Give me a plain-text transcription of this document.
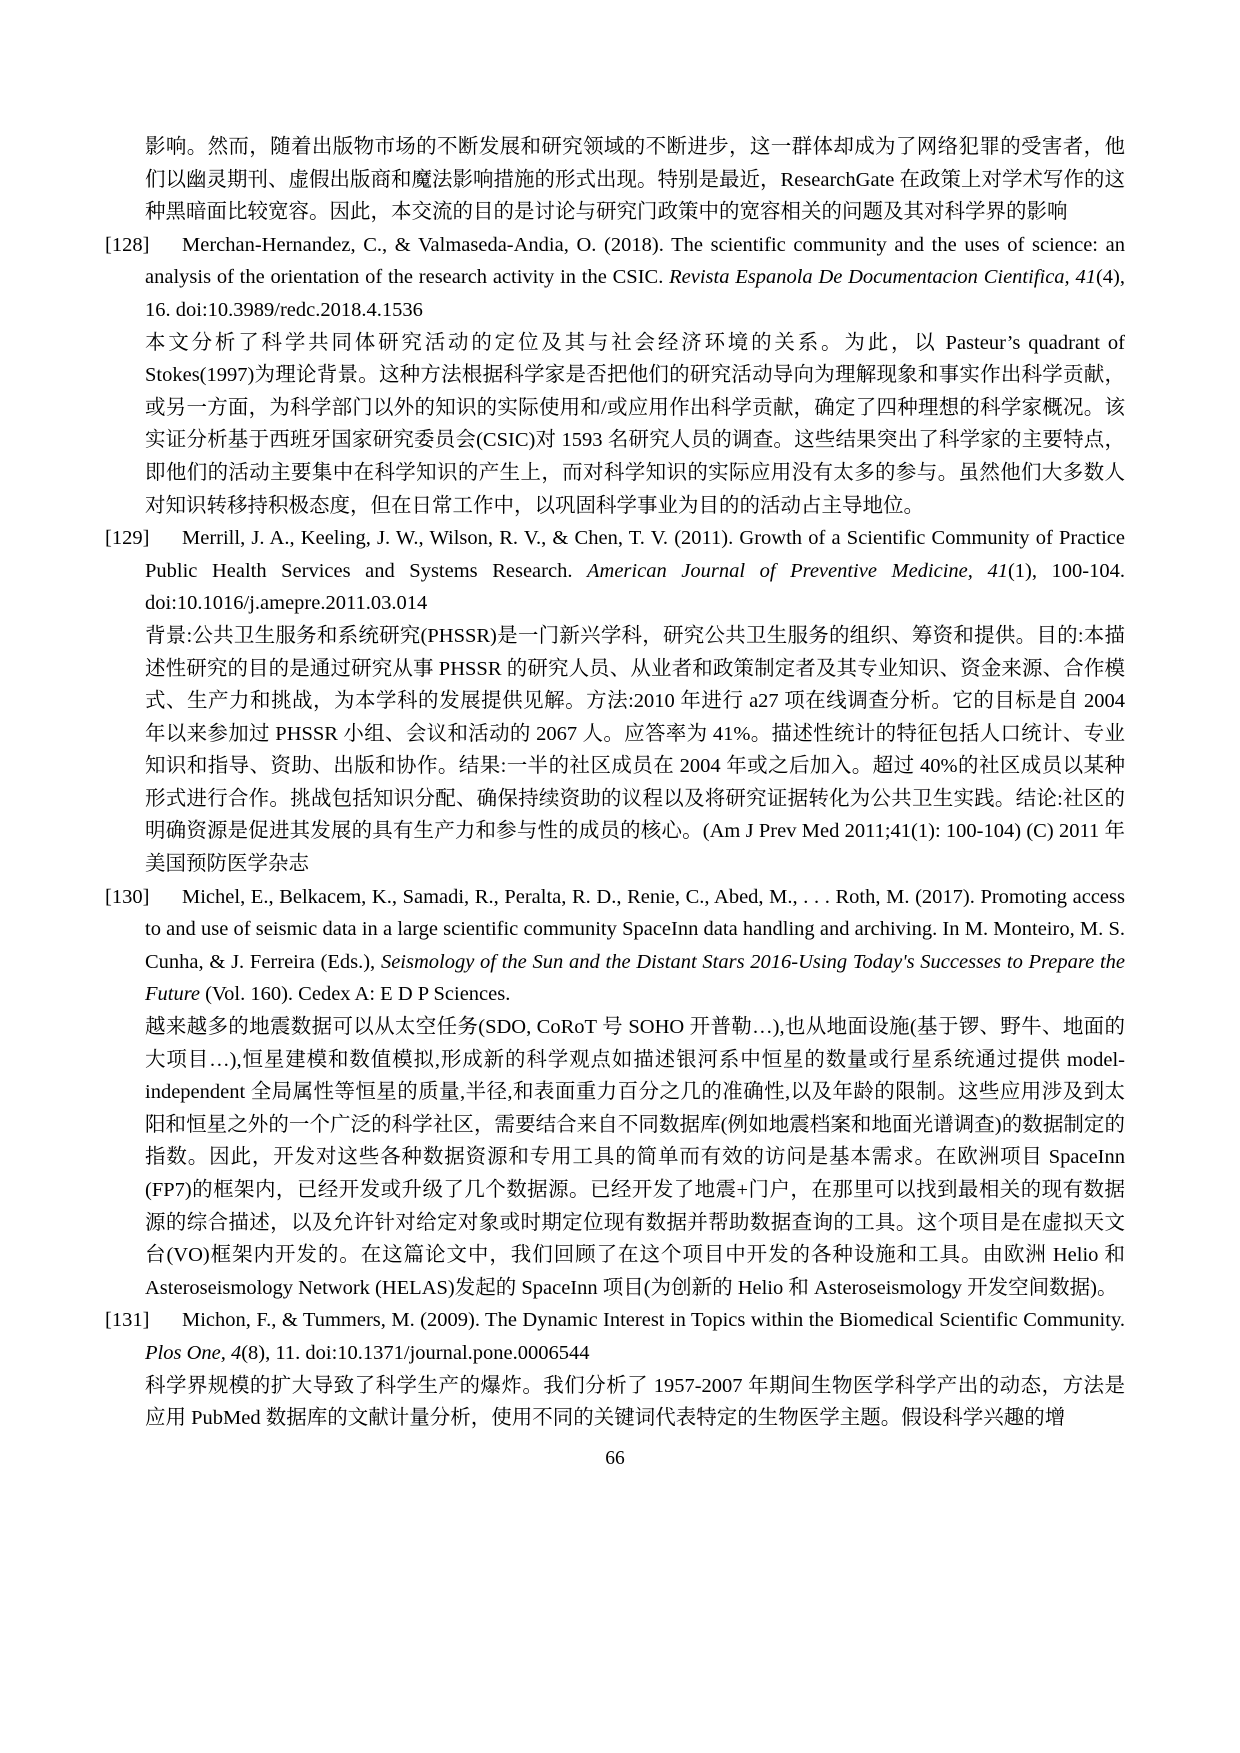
影响。然而，随着出版物市场的不断发展和研究领域的不断进步，这一群体却成为了网络犯罪的受害者，他们以幽灵期刊、虚假出版商和魔法影响措施的形式出现。特别是最近，ResearchGate 在政策上对学术写作的这种黑暗面比较宽容。因此，本交流的目的是讨论与研究门政策中的宽容相关的问题及其对科学界的影响

[128]	Merchan-Hernandez, C., & Valmaseda-Andia, O. (2018). The scientific community and the uses of science: an analysis of the orientation of the research activity in the CSIC. Revista Espanola De Documentacion Cientifica, 41(4), 16. doi:10.3989/redc.2018.4.1536

本文分析了科学共同体研究活动的定位及其与社会经济环境的关系。为此，以 Pasteur’s quadrant of Stokes(1997)为理论背景。这种方法根据科学家是否把他们的研究活动导向为理解现象和事实作出科学贡献，或另一方面，为科学部门以外的知识的实际使用和/或应用作出科学贡献，确定了四种理想的科学家概况。该实证分析基于西班牙国家研究委员会(CSIC)对 1593 名研究人员的调查。这些结果突出了科学家的主要特点，即他们的活动主要集中在科学知识的产生上，而对科学知识的实际应用没有太多的参与。虽然他们大多数人对知识转移持积极态度，但在日常工作中，以巩固科学事业为目的的活动占主导地位。

[129]	Merrill, J. A., Keeling, J. W., Wilson, R. V., & Chen, T. V. (2011). Growth of a Scientific Community of Practice Public Health Services and Systems Research. American Journal of Preventive Medicine, 41(1), 100-104. doi:10.1016/j.amepre.2011.03.014

背景:公共卫生服务和系统研究(PHSSR)是一门新兴学科，研究公共卫生服务的组织、筹资和提供。目的:本描述性研究的目的是通过研究从事 PHSSR 的研究人员、从业者和政策制定者及其专业知识、资金来源、合作模式、生产力和挑战，为本学科的发展提供见解。方法:2010 年进行 a27 项在线调查分析。它的目标是自 2004 年以来参加过 PHSSR 小组、会议和活动的 2067 人。应答率为 41%。描述性统计的特征包括人口统计、专业知识和指导、资助、出版和协作。结果:一半的社区成员在 2004 年或之后加入。超过 40%的社区成员以某种形式进行合作。挑战包括知识分配、确保持续资助的议程以及将研究证据转化为公共卫生实践。结论:社区的明确资源是促进其发展的具有生产力和参与性的成员的核心。(Am J Prev Med 2011;41(1): 100-104) (C) 2011 年美国预防医学杂志

[130]	Michel, E., Belkacem, K., Samadi, R., Peralta, R. D., Renie, C., Abed, M., . . . Roth, M. (2017). Promoting access to and use of seismic data in a large scientific community SpaceInn data handling and archiving. In M. Monteiro, M. S. Cunha, & J. Ferreira (Eds.), Seismology of the Sun and the Distant Stars 2016-Using Today's Successes to Prepare the Future (Vol. 160). Cedex A: E D P Sciences.

越来越多的地震数据可以从太空任务(SDO, CoRoT 号 SOHO 开普勒…),也从地面设施(基于锣、野牛、地面的大项目…),恒星建模和数值模拟,形成新的科学观点如描述银河系中恒星的数量或行星系统通过提供 model-independent 全局属性等恒星的质量,半径,和表面重力百分之几的准确性,以及年龄的限制。这些应用涉及到太阳和恒星之外的一个广泛的科学社区，需要结合来自不同数据库(例如地震档案和地面光谱调查)的数据制定的指数。因此，开发对这些各种数据资源和专用工具的简单而有效的访问是基本需求。在欧洲项目 SpaceInn (FP7)的框架内，已经开发或升级了几个数据源。已经开发了地震+门户，在那里可以找到最相关的现有数据源的综合描述，以及允许针对给定对象或时期定位现有数据并帮助数据查询的工具。这个项目是在虚拟天文台(VO)框架内开发的。在这篇论文中，我们回顾了在这个项目中开发的各种设施和工具。由欧洲 Helio 和 Asteroseismology Network (HELAS)发起的 SpaceInn 项目(为创新的 Helio 和 Asteroseismology 开发空间数据)。

[131]	Michon, F., & Tummers, M. (2009). The Dynamic Interest in Topics within the Biomedical Scientific Community. Plos One, 4(8), 11. doi:10.1371/journal.pone.0006544

科学界规模的扩大导致了科学生产的爆炸。我们分析了 1957-2007 年期间生物医学科学产出的动态，方法是应用 PubMed 数据库的文献计量分析，使用不同的关键词代表特定的生物医学主题。假设科学兴趣的增

66
